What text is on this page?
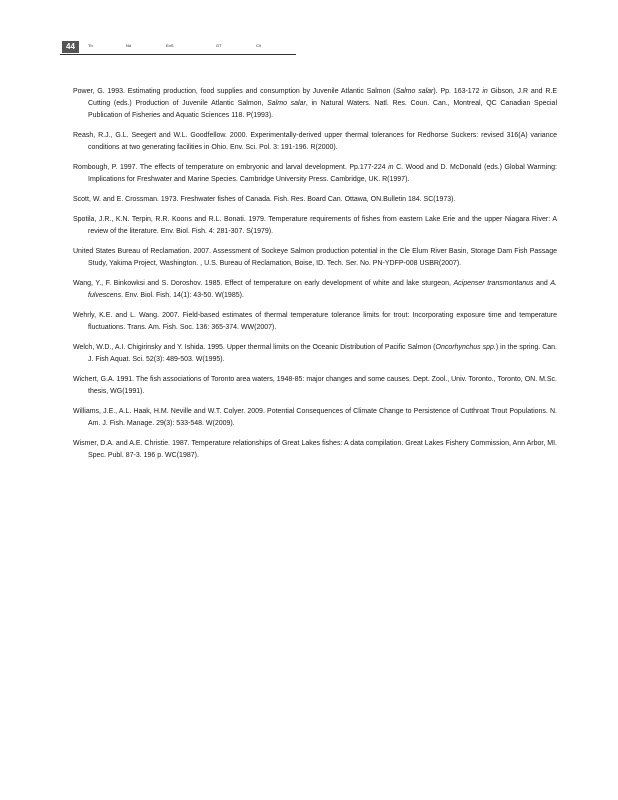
44	Th	Nd	EnS	GT	Cll

Power, G. 1993. Estimating production, food supplies and consumption by Juvenile Atlantic Salmon (Salmo salar). Pp. 163-172 in Gibson, J.R and R.E Cutting (eds.) Production of Juvenile Atlantic Salmon, Salmo salar, in Natural Waters. Natl. Res. Coun. Can., Montreal, QC Canadian Special Publication of Fisheries and Aquatic Sciences 118. P(1993).

Reash, R.J., G.L. Seegert and W.L. Goodfellow. 2000. Experimentally-derived upper thermal tolerances for Redhorse Suckers: revised 316(A) variance conditions at two generating facilities in Ohio. Env. Sci. Pol. 3: 191-196. R(2000).

Rombough, P. 1997. The effects of temperature on embryonic and larval development. Pp.177-224 in C. Wood and D. McDonald (eds.) Global Warming: Implications for Freshwater and Marine Species. Cambridge University Press. Cambridge, UK. R(1997).

Scott, W. and E. Crossman. 1973. Freshwater fishes of Canada. Fish. Res. Board Can. Ottawa, ON.Bulletin 184. SC(1973).

Spotila, J.R., K.N. Terpin, R.R. Koons and R.L. Bonati. 1979. Temperature requirements of fishes from eastern Lake Erie and the upper Niagara River: A review of the literature. Env. Biol. Fish. 4: 281-307. S(1979).

United States Bureau of Reclamation. 2007. Assessment of Sockeye Salmon production potential in the Cle Elum River Basin, Storage Dam Fish Passage Study, Yakima Project, Washington. , U.S. Bureau of Reclamation, Boise, ID. Tech. Ser. No. PN-YDFP-008 USBR(2007).

Wang, Y., F. Binkowksi and S. Doroshov. 1985. Effect of temperature on early development of white and lake sturgeon, Acipenser transmontanus and A. fulvescens. Env. Biol. Fish. 14(1): 43-50. W(1985).

Wehrly, K.E. and L. Wang. 2007. Field-based estimates of thermal temperature tolerance limits for trout: Incorporating exposure time and temperature fluctuations. Trans. Am. Fish. Soc. 136: 365-374. WW(2007).

Welch, W.D., A.I. Chigirinsky and Y. Ishida. 1995. Upper thermal limits on the Oceanic Distribution of Pacific Salmon (Oncorhynchus spp.) in the spring. Can. J. Fish Aquat. Sci. 52(3): 489-503. W(1995).

Wichert, G.A. 1991. The fish associations of Toronto area waters, 1948-85: major changes and some causes. Dept. Zool., Univ. Toronto., Toronto, ON. M.Sc. thesis, WG(1991).

Williams, J.E., A.L. Haak, H.M. Neville and W.T. Colyer. 2009. Potential Consequences of Climate Change to Persistence of Cutthroat Trout Populations. N. Am. J. Fish. Manage. 29(3): 533-548. W(2009).

Wismer, D.A. and A.E. Christie. 1987. Temperature relationships of Great Lakes fishes: A data compilation. Great Lakes Fishery Commission, Ann Arbor, MI. Spec. Publ. 87-3. 196 p. WC(1987).
